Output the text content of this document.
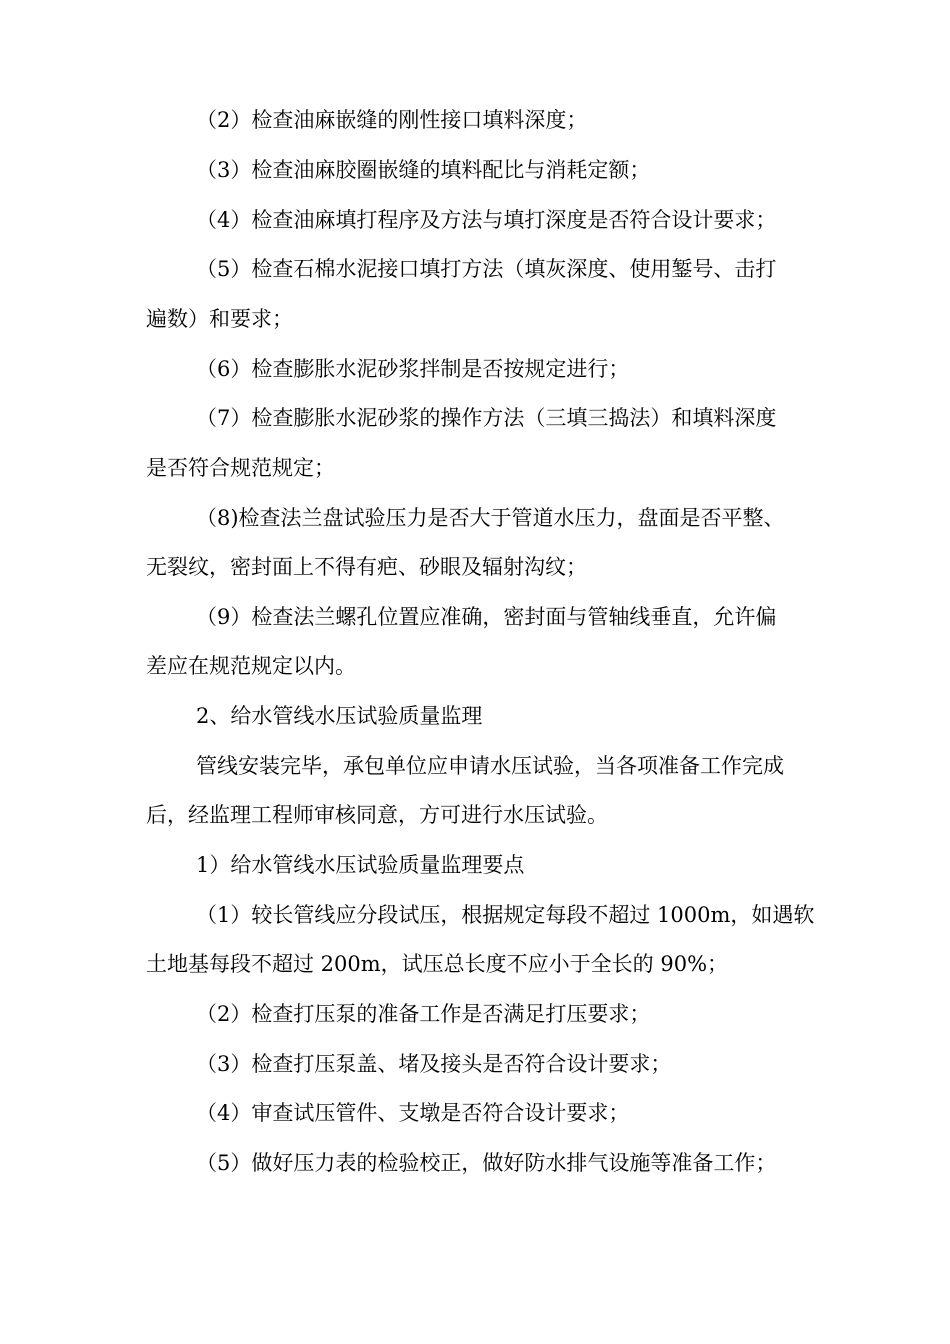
（2）检查油麻嵌缝的刚性接口填料深度；

（3）检查油麻胶圈嵌缝的填料配比与消耗定额；

（4）检查油麻填打程序及方法与填打深度是否符合设计要求；

（5）检查石棉水泥接口填打方法（填灰深度、使用錾号、击打

遍数）和要求；

（6）检查膨胀水泥砂浆拌制是否按规定进行；

（7）检查膨胀水泥砂浆的操作方法（三填三捣法）和填料深度

是否符合规范规定；

（8)检查法兰盘试验压力是否大于管道水压力，盘面是否平整、

无裂纹，密封面上不得有疤、砂眼及辐射沟纹；

（9）检查法兰螺孔位置应准确，密封面与管轴线垂直，允许偏

差应在规范规定以内。

2、给水管线水压试验质量监理

管线安装完毕，承包单位应申请水压试验，当各项准备工作完成

后，经监理工程师审核同意，方可进行水压试验。

1）给水管线水压试验质量监理要点

（1）较长管线应分段试压，根据规定每段不超过 1000m，如遇软

土地基每段不超过 200m，试压总长度不应小于全长的 90%；

（2）检查打压泵的准备工作是否满足打压要求；

（3）检查打压泵盖、堵及接头是否符合设计要求；

（4）审查试压管件、支墩是否符合设计要求；

（5）做好压力表的检验校正，做好防水排气设施等准备工作；
